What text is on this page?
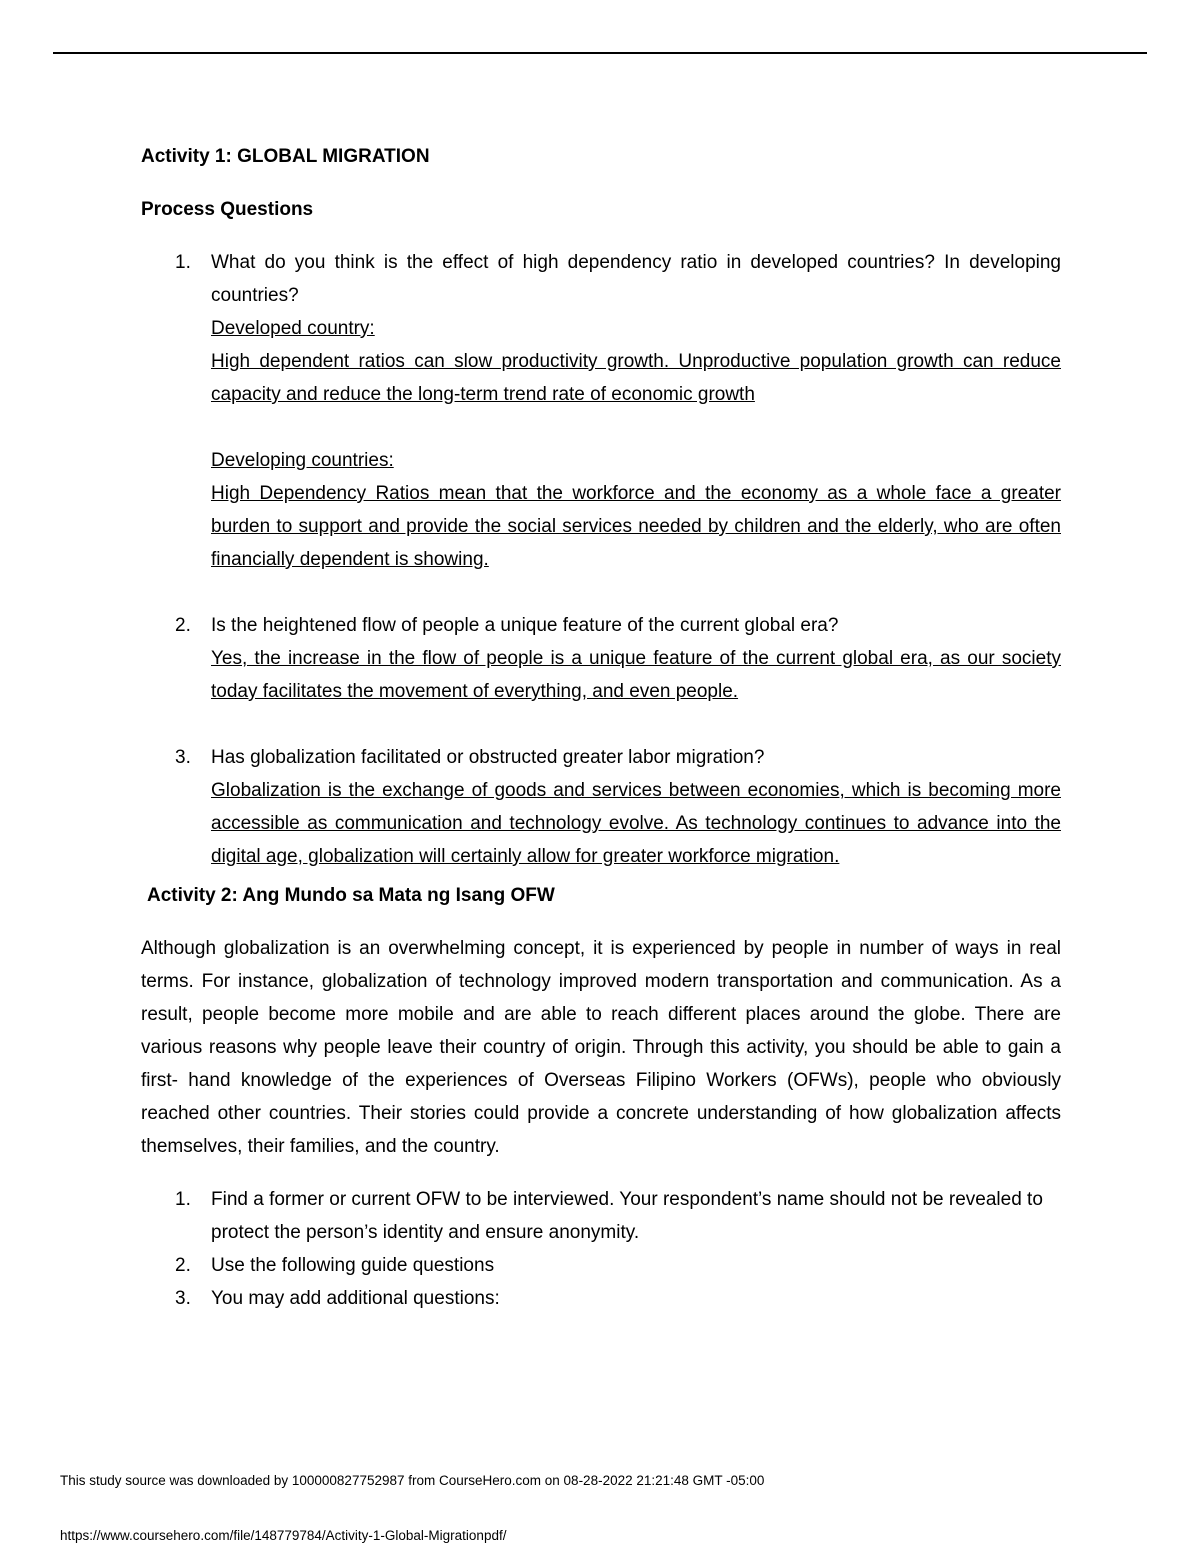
Activity 1: GLOBAL MIGRATION

Process Questions

1. What do you think is the effect of high dependency ratio in developed countries? In developing countries?
Developed country:
High dependent ratios can slow productivity growth. Unproductive population growth can reduce capacity and reduce the long-term trend rate of economic growth
Developing countries:
High Dependency Ratios mean that the workforce and the economy as a whole face a greater burden to support and provide the social services needed by children and the elderly, who are often financially dependent is showing.
2. Is the heightened flow of people a unique feature of the current global era?
Yes, the increase in the flow of people is a unique feature of the current global era, as our society today facilitates the movement of everything, and even people.
3. Has globalization facilitated or obstructed greater labor migration?
Globalization is the exchange of goods and services between economies, which is becoming more accessible as communication and technology evolve. As technology continues to advance into the digital age, globalization will certainly allow for greater workforce migration.

Activity 2: Ang Mundo sa Mata ng Isang OFW

Although globalization is an overwhelming concept, it is experienced by people in number of ways in real terms. For instance, globalization of technology improved modern transportation and communication. As a result, people become more mobile and are able to reach different places around the globe. There are various reasons why people leave their country of origin. Through this activity, you should be able to gain a first- hand knowledge of the experiences of Overseas Filipino Workers (OFWs), people who obviously reached other countries. Their stories could provide a concrete understanding of how globalization affects themselves, their families, and the country.

1. Find a former or current OFW to be interviewed. Your respondent’s name should not be revealed to protect the person’s identity and ensure anonymity.
2. Use the following guide questions
3. You may add additional questions:
This study source was downloaded by 100000827752987 from CourseHero.com on 08-28-2022 21:21:48 GMT -05:00
https://www.coursehero.com/file/148779784/Activity-1-Global-Migrationpdf/
